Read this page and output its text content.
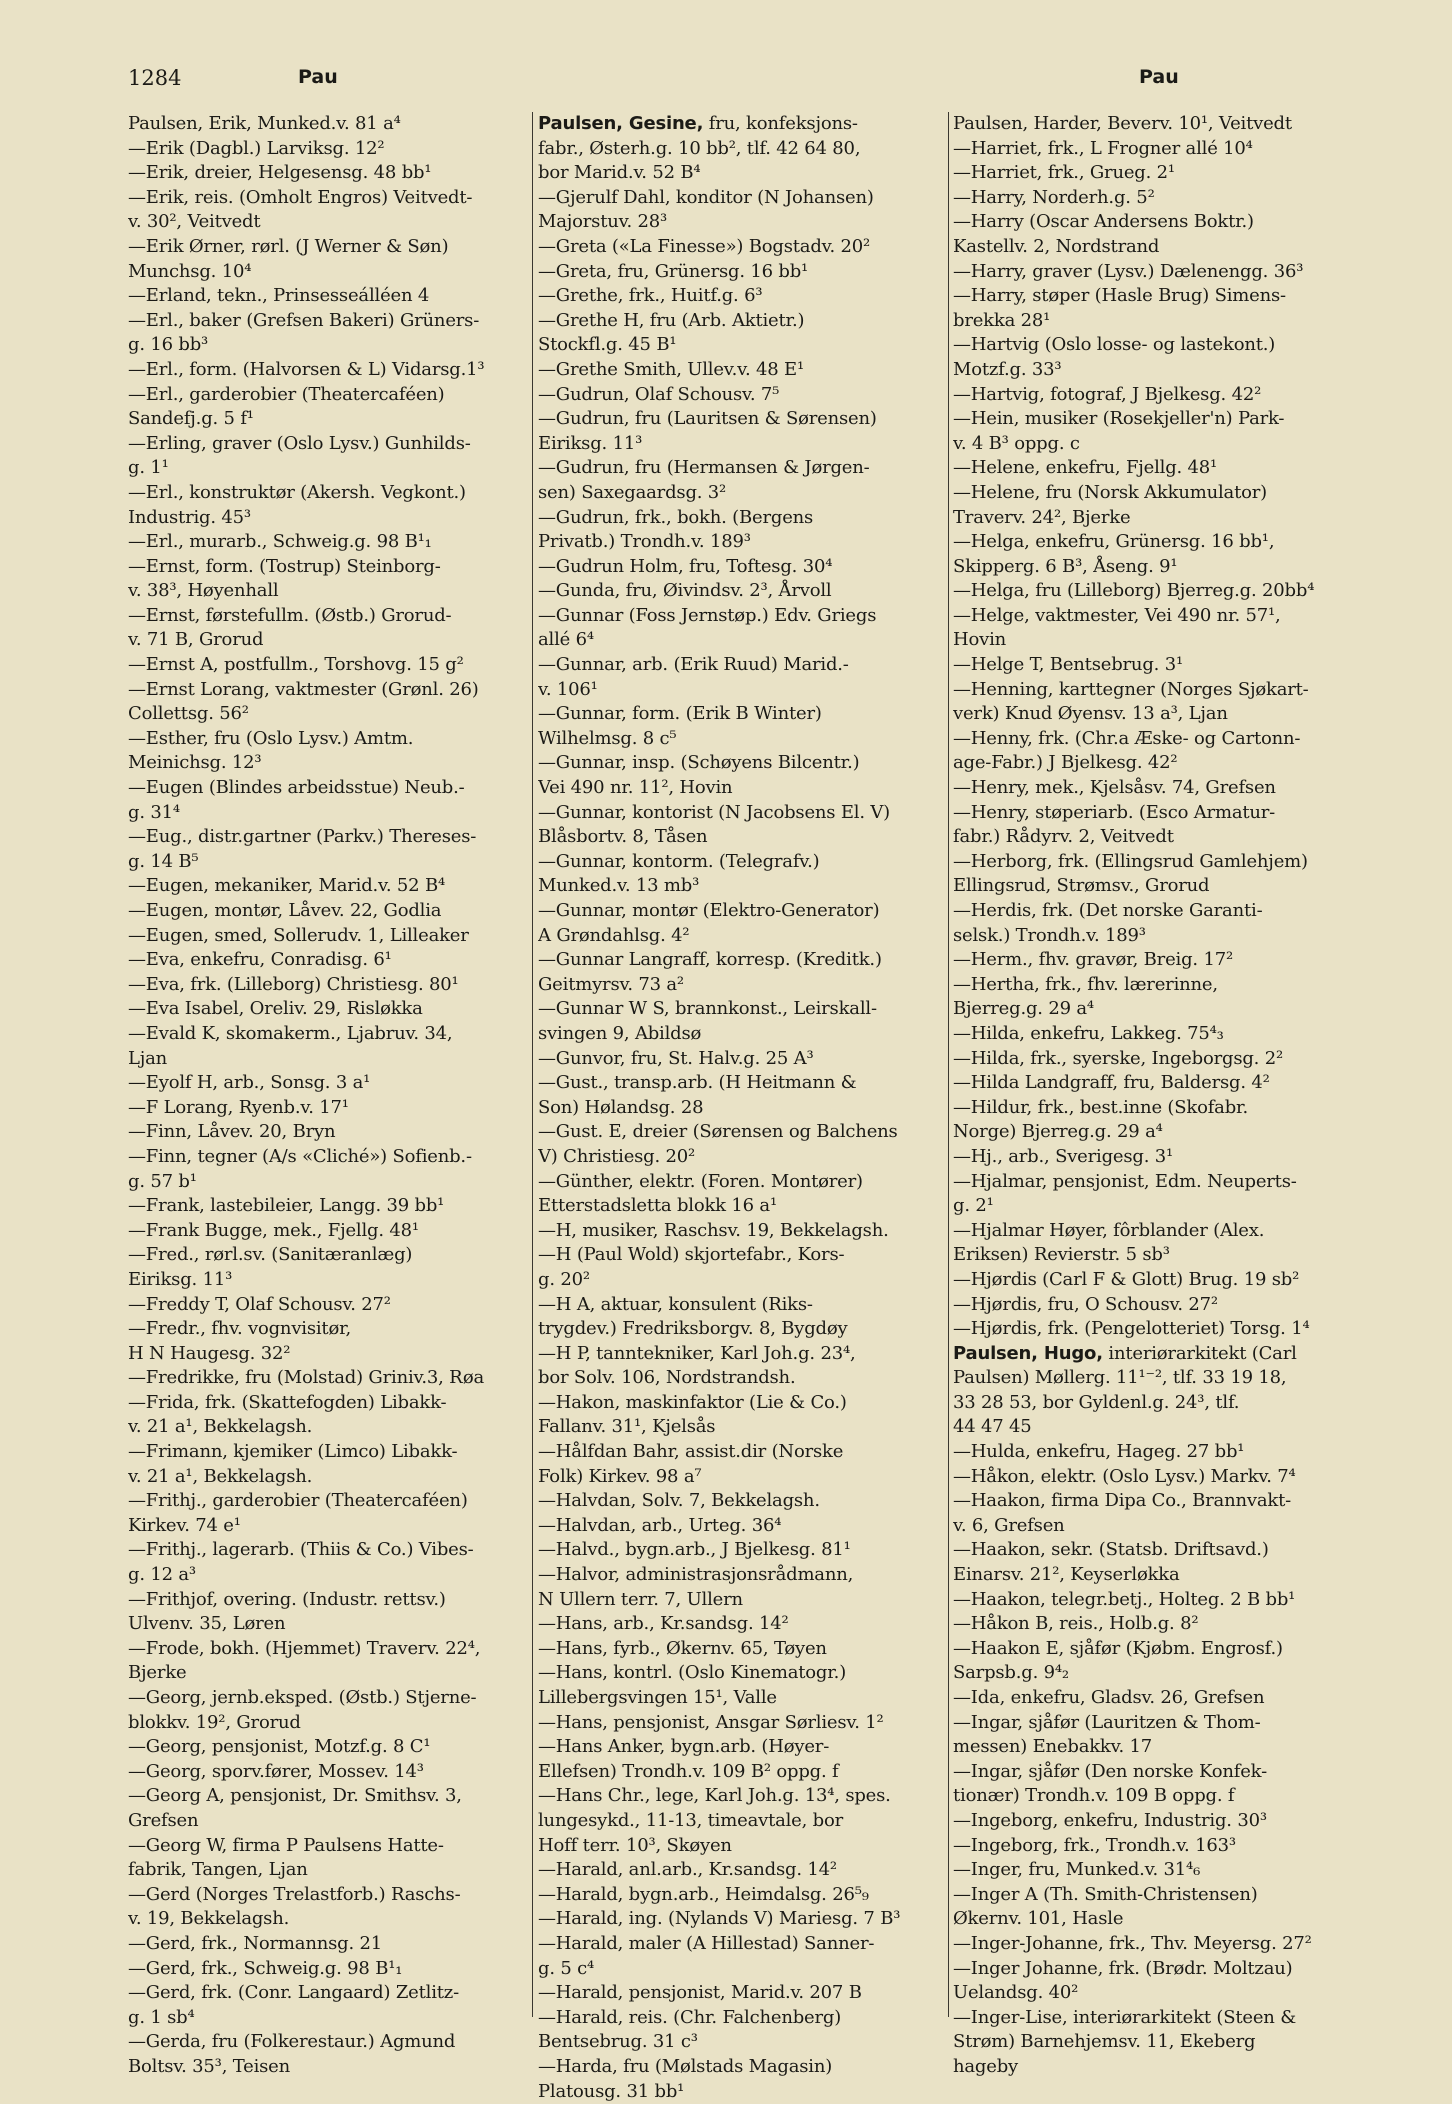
1284	Pau	Pau
Paulsen, Erik, Munked.v. 81 a⁴
—Erik (Dagbl.) Larviksg. 12²
—Erik, dreier, Helgesensg. 48 bb¹
—Erik, reis. (Omholt Engros) Veitvedt-
v. 30², Veitvedt
—Erik Ørner, rørl. (J Werner & Søn)
Munchsg. 10⁴
—Erland, tekn., Prinsesseálléen 4
—Erl., baker (Grefsen Bakeri) Grüners-
g. 16 bb³
—Erl., form. (Halvorsen & L) Vidarsg.1³
—Erl., garderobier (Theatercaféen)
Sandefj.g. 5 f¹
—Erling, graver (Oslo Lysv.) Gunhilds-
g. 1¹
—Erl., konstruktør (Akersh. Vegkont.)
Industrig. 45³
—Erl., murarb., Schweig.g. 98 B¹₁
—Ernst, form. (Tostrup) Steinborg-
v. 38³, Høyenhall
—Ernst, førstefullm. (Østb.) Grorud-
v. 71 B, Grorud
—Ernst A, postfullm., Torshovg. 15 g²
—Ernst Lorang, vaktmester (Grønl. 26)
Collettsg. 56²
—Esther, fru (Oslo Lysv.) Amtm.
Meinichsg. 12³
—Eugen (Blindes arbeidsstue) Neub.-
g. 31⁴
—Eug., distr.gartner (Parkv.) Thereses-
g. 14 B⁵
—Eugen, mekaniker, Marid.v. 52 B⁴
—Eugen, montør, Låvev. 22, Godlia
—Eugen, smed, Sollerudv. 1, Lilleaker
—Eva, enkefru, Conradisg. 6¹
—Eva, frk. (Lilleborg) Christiesg. 80¹
—Eva Isabel, Oreliv. 29, Risløkka
—Evald K, skomakerm., Ljabruv. 34,
Ljan
—Eyolf H, arb., Sonsg. 3 a¹
—F Lorang, Ryenb.v. 17¹
—Finn, Låvev. 20, Bryn
—Finn, tegner (A/s «Cliché») Sofienb.-
g. 57 b¹
—Frank, lastebileier, Langg. 39 bb¹
—Frank Bugge, mek., Fjellg. 48¹
—Fred., rørl.sv. (Sanitæranlæg)
Eiriksg. 11³
—Freddy T, Olaf Schousv. 27²
—Fredr., fhv. vognvisitør,
H N Haugesg. 32²
—Fredrikke, fru (Molstad) Griniv.3, Røa
—Frida, frk. (Skattefogden) Libakk-
v. 21 a¹, Bekkelagsh.
—Frimann, kjemiker (Limco) Libakk-
v. 21 a¹, Bekkelagsh.
—Frithj., garderobier (Theatercaféen)
Kirkev. 74 e¹
—Frithj., lagerarb. (Thiis & Co.) Vibes-
g. 12 a³
—Frithjof, overing. (Industr. rettsv.)
Ulvenv. 35, Løren
—Frode, bokh. (Hjemmet) Traverv. 22⁴,
Bjerke
—Georg, jernb.eksped. (Østb.) Stjerne-
blokkv. 19², Grorud
—Georg, pensjonist, Motzf.g. 8 C¹
—Georg, sporv.fører, Mossev. 14³
—Georg A, pensjonist, Dr. Smithsv. 3,
Grefsen
—Georg W, firma P Paulsens Hatte-
fabrik, Tangen, Ljan
—Gerd (Norges Trelastforb.) Raschs-
v. 19, Bekkelagsh.
—Gerd, frk., Normannsg. 21
—Gerd, frk., Schweig.g. 98 B¹₁
—Gerd, frk. (Conr. Langaard) Zetlitz-
g. 1 sb⁴
—Gerda, fru (Folkerestaur.) Agmund
Boltsv. 35³, Teisen
Paulsen, Gesine, fru, konfeksjons-
fabr., Østerh.g. 10 bb², tlf. 42 64 80,
bor Marid.v. 52 B⁴
—Gjerulf Dahl, konditor (N Johansen)
Majorstuv. 28³
—Greta («La Finesse») Bogstadv. 20²
—Greta, fru, Grünersg. 16 bb¹
—Grethe, frk., Huitf.g. 6³
—Grethe H, fru (Arb. Aktietr.)
Stockfl.g. 45 B¹
—Grethe Smith, Ullev.v. 48 E¹
—Gudrun, Olaf Schousv. 7⁵
—Gudrun, fru (Lauritsen & Sørensen)
Eiriksg. 11³
—Gudrun, fru (Hermansen & Jørgen-
sen) Saxegaardsg. 3²
—Gudrun, frk., bokh. (Bergens
Privatb.) Trondh.v. 189³
—Gudrun Holm, fru, Toftesg. 30⁴
—Gunda, fru, Øivindsv. 2³, Årvoll
—Gunnar (Foss Jernstøp.) Edv. Griegs
allé 6⁴
—Gunnar, arb. (Erik Ruud) Marid.-
v. 106¹
—Gunnar, form. (Erik B Winter)
Wilhelmsg. 8 c⁵
—Gunnar, insp. (Schøyens Bilcentr.)
Vei 490 nr. 11², Hovin
—Gunnar, kontorist (N Jacobsens El. V)
Blåsbortv. 8, Tåsen
—Gunnar, kontorm. (Telegrafv.)
Munked.v. 13 mb³
—Gunnar, montør (Elektro-Generator)
A Grøndahlsg. 4²
—Gunnar Langraff, korresp. (Kreditk.)
Geitmyrsv. 73 a²
—Gunnar W S, brannkonst., Leirskall-
svingen 9, Abildsø
—Gunvor, fru, St. Halv.g. 25 A³
—Gust., transp.arb. (H Heitmann &
Son) Hølandsg. 28
—Gust. E, dreier (Sørensen og Balchens
V) Christiesg. 20²
—Günther, elektr. (Foren. Montører)
Etterstadsletta blokk 16 a¹
—H, musiker, Raschsv. 19, Bekkelagsh.
—H (Paul Wold) skjortefabr., Kors-
g. 20²
—H A, aktuar, konsulent (Riks-
trygdev.) Fredriksborgv. 8, Bygdøy
—H P, tanntekniker, Karl Joh.g. 23⁴,
bor Solv. 106, Nordstrandsh.
—Hakon, maskinfaktor (Lie & Co.)
Fallanv. 31¹, Kjelsås
—Hålfdan Bahr, assist.dir (Norske
Folk) Kirkev. 98 a⁷
—Halvdan, Solv. 7, Bekkelagsh.
—Halvdan, arb., Urteg. 36⁴
—Halvd., bygn.arb., J Bjelkesg. 81¹
—Halvor, administrasjonsrådmann,
N Ullern terr. 7, Ullern
—Hans, arb., Kr.sandsg. 14²
—Hans, fyrb., Økernv. 65, Tøyen
—Hans, kontrl. (Oslo Kinematogr.)
Lillebergsvingen 15¹, Valle
—Hans, pensjonist, Ansgar Sørliesv. 1²
—Hans Anker, bygn.arb. (Høyer-
Ellefsen) Trondh.v. 109 B² oppg. f
—Hans Chr., lege, Karl Joh.g. 13⁴, spes.
lungesykd., 11-13, timeavtale, bor
Hoff terr. 10³, Skøyen
—Harald, anl.arb., Kr.sandsg. 14²
—Harald, bygn.arb., Heimdalsg. 26⁵₉
—Harald, ing. (Nylands V) Mariesg. 7 B³
—Harald, maler (A Hillestad) Sanner-
g. 5 c⁴
—Harald, pensjonist, Marid.v. 207 B
—Harald, reis. (Chr. Falchenberg)
Bentsebrug. 31 c³
—Harda, fru (Mølstads Magasin)
Platousg. 31 bb¹
Paulsen, Harder, Beverv. 10¹, Veitvedt
—Harriet, frk., L Frogner allé 10⁴
—Harriet, frk., Grueg. 2¹
—Harry, Norderh.g. 5²
—Harry (Oscar Andersens Boktr.)
Kastellv. 2, Nordstrand
—Harry, graver (Lysv.) Dælenengg. 36³
—Harry, støper (Hasle Brug) Simens-
brekka 28¹
—Hartvig (Oslo losse- og lastekont.)
Motzf.g. 33³
—Hartvig, fotograf, J Bjelkesg. 42²
—Hein, musiker (Rosekjeller'n) Park-
v. 4 B³ oppg. c
—Helene, enkefru, Fjellg. 48¹
—Helene, fru (Norsk Akkumulator)
Traverv. 24², Bjerke
—Helga, enkefru, Grünersg. 16 bb¹,
Skipperg. 6 B³, Åseng. 9¹
—Helga, fru (Lilleborg) Bjerreg.g. 20bb⁴
—Helge, vaktmester, Vei 490 nr. 57¹,
Hovin
—Helge T, Bentsebrug. 3¹
—Henning, karttegner (Norges Sjøkart-
verk) Knud Øyensv. 13 a³, Ljan
—Henny, frk. (Chr.a Æske- og Cartonn-
age-Fabr.) J Bjelkesg. 42²
—Henry, mek., Kjelsåsv. 74, Grefsen
—Henry, støperiarb. (Esco Armatur-
fabr.) Rådyrv. 2, Veitvedt
—Herborg, frk. (Ellingsrud Gamlehjem)
Ellingsrud, Strømsv., Grorud
—Herdis, frk. (Det norske Garanti-
selsk.) Trondh.v. 189³
—Herm., fhv. gravør, Breig. 17²
—Hertha, frk., fhv. lærerinne,
Bjerreg.g. 29 a⁴
—Hilda, enkefru, Lakkeg. 75⁴₃
—Hilda, frk., syerske, Ingeborgsg. 2²
—Hilda Landgraff, fru, Baldersg. 4²
—Hildur, frk., best.inne (Skofabr.
Norge) Bjerreg.g. 29 a⁴
—Hj., arb., Sverigesg. 3¹
—Hjalmar, pensjonist, Edm. Neuperts-
g. 2¹
—Hjalmar Høyer, fôrblander (Alex.
Eriksen) Revierstr. 5 sb³
—Hjørdis (Carl F & Glott) Brug. 19 sb²
—Hjørdis, fru, O Schousv. 27²
—Hjørdis, frk. (Pengelotteriet) Torsg. 1⁴
Paulsen, Hugo, interiørarkitekt (Carl
Paulsen) Møllerg. 11¹⁻², tlf. 33 19 18,
33 28 53, bor Gyldenl.g. 24³, tlf.
44 47 45
—Hulda, enkefru, Hageg. 27 bb¹
—Håkon, elektr. (Oslo Lysv.) Markv. 7⁴
—Haakon, firma Dipa Co., Brannvakt-
v. 6, Grefsen
—Haakon, sekr. (Statsb. Driftsavd.)
Einarsv. 21², Keyserløkka
—Haakon, telegr.betj., Holteg. 2 B bb¹
—Håkon B, reis., Holb.g. 8²
—Haakon E, sjåfør (Kjøbm. Engrosf.)
Sarpsb.g. 9⁴₂
—Ida, enkefru, Gladsv. 26, Grefsen
—Ingar, sjåfør (Lauritzen & Thom-
messen) Enebakkv. 17
—Ingar, sjåfør (Den norske Konfek-
tionær) Trondh.v. 109 B oppg. f
—Ingeborg, enkefru, Industrig. 30³
—Ingeborg, frk., Trondh.v. 163³
—Inger, fru, Munked.v. 31⁴₆
—Inger A (Th. Smith-Christensen)
Økernv. 101, Hasle
—Inger-Johanne, frk., Thv. Meyersg. 27²
—Inger Johanne, frk. (Brødr. Moltzau)
Uelandsg. 40²
—Inger-Lise, interiørarkitekt (Steen &
Strøm) Barnehjemsv. 11, Ekeberg
hageby
